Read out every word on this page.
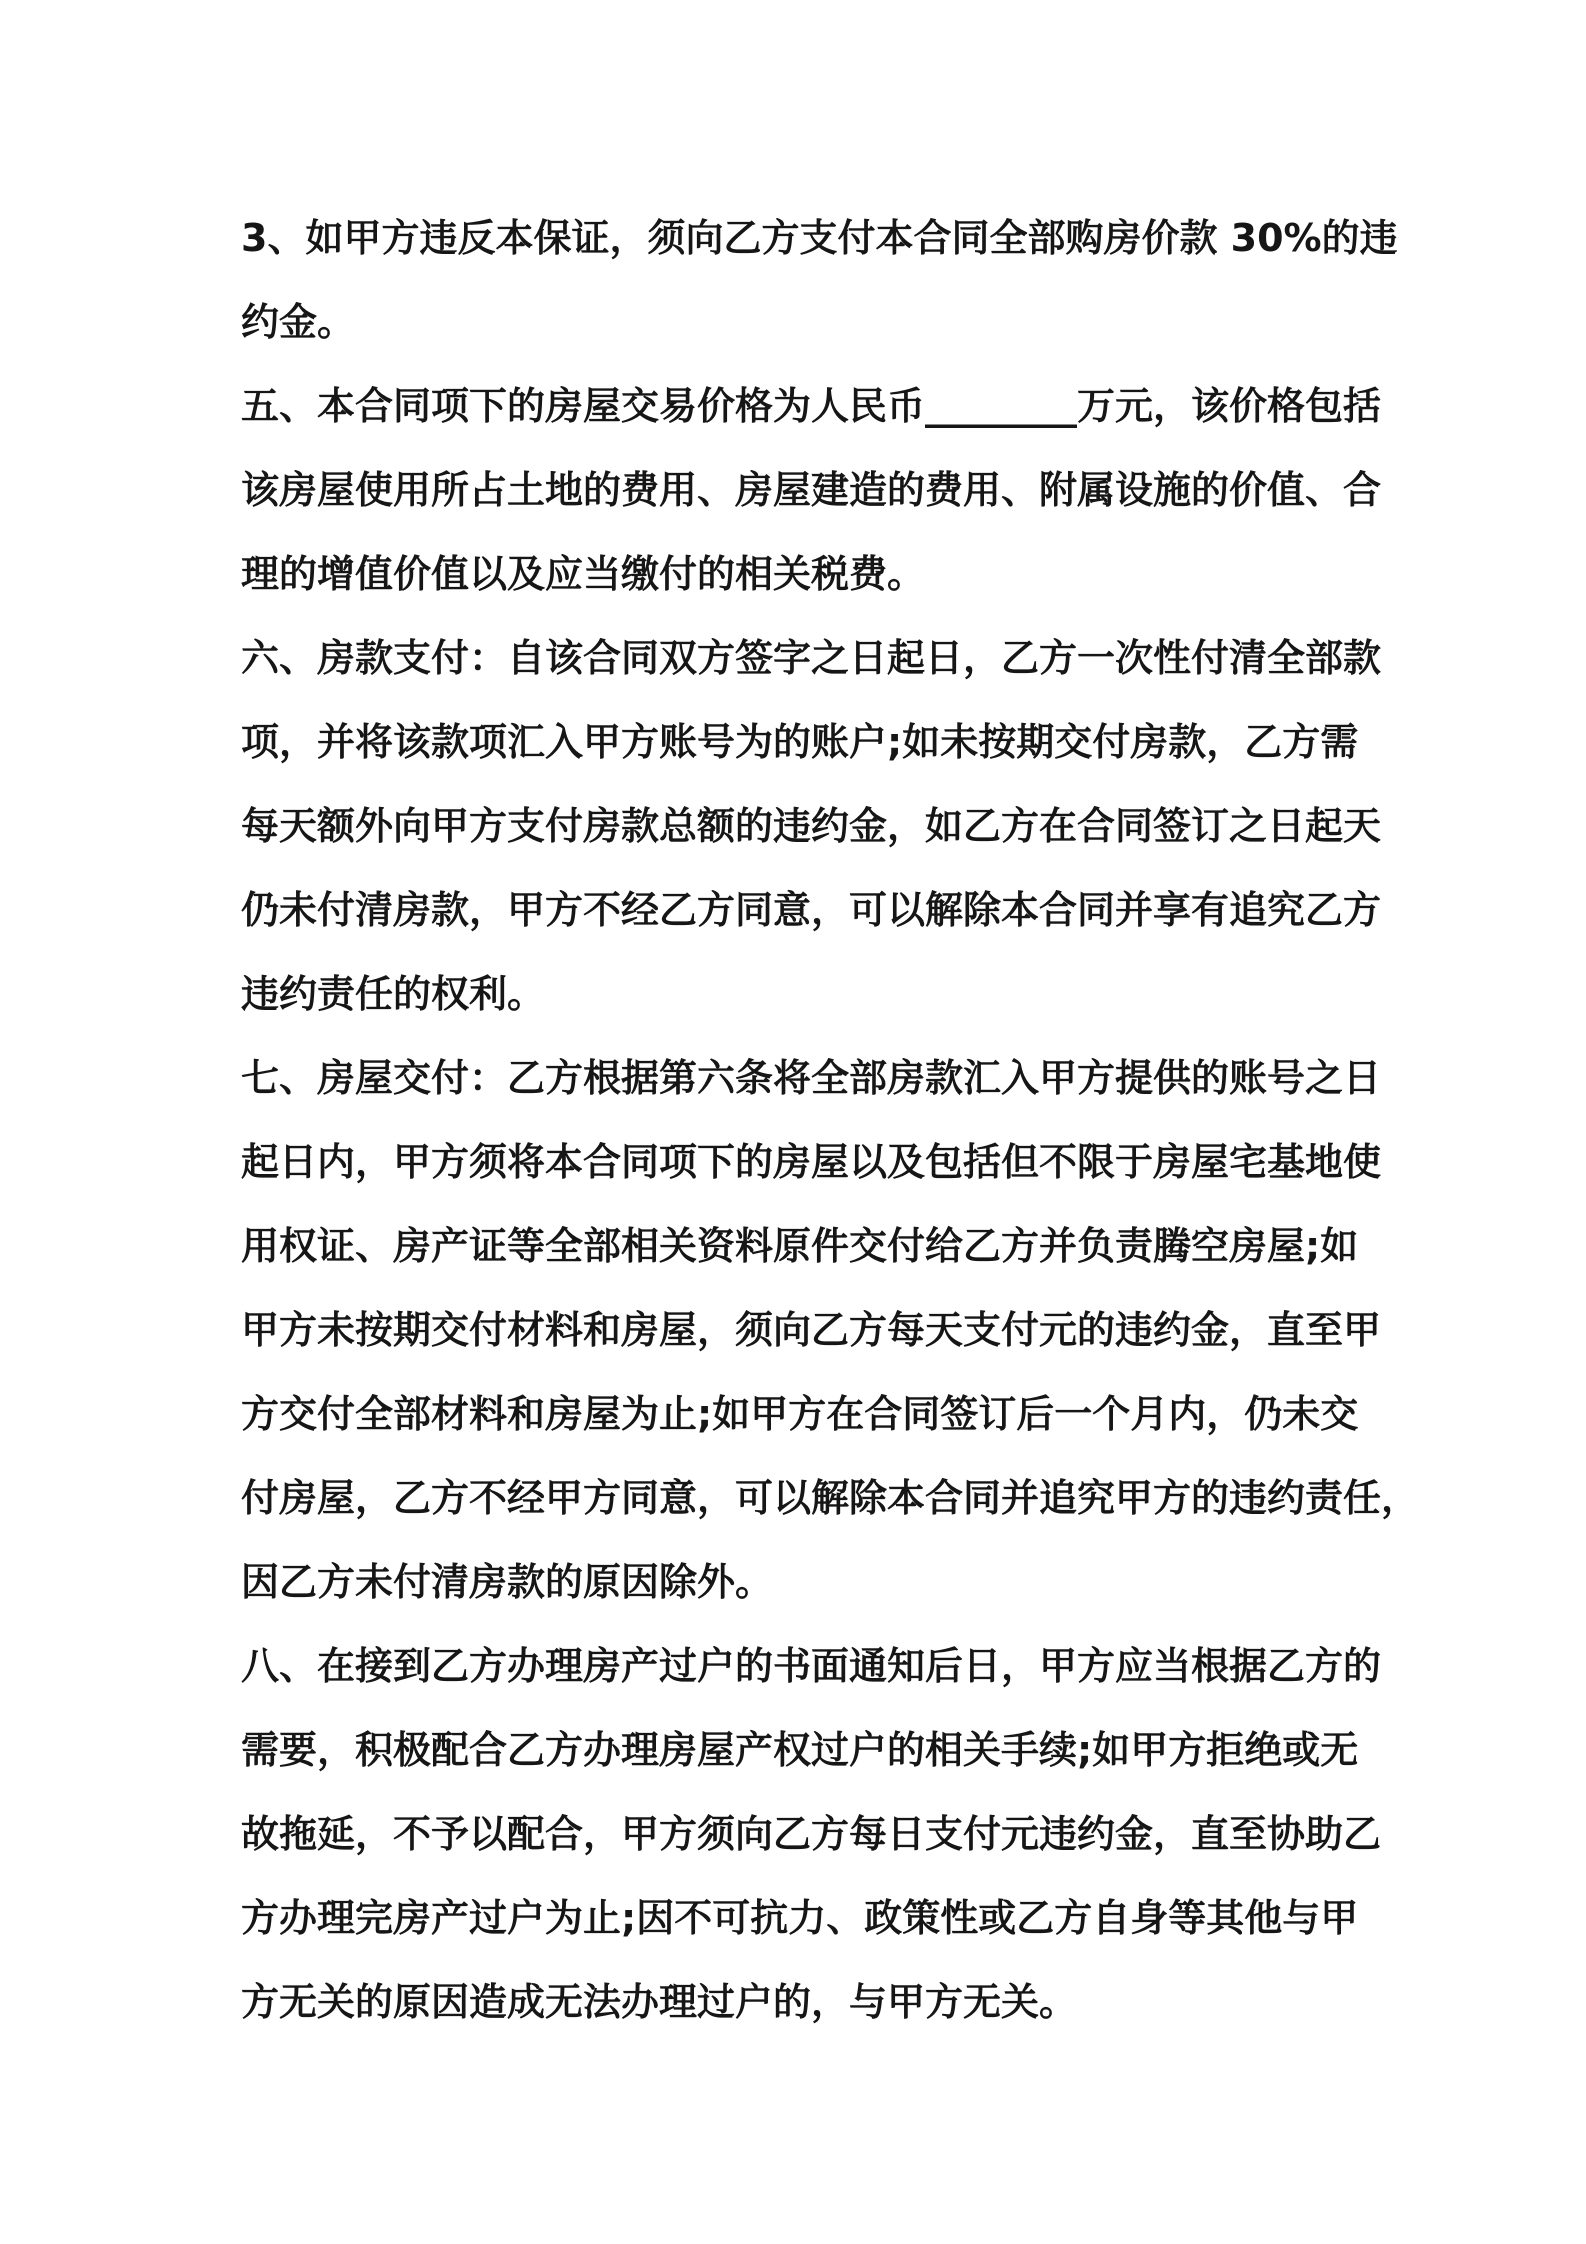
3、如甲方违反本保证，须向乙方支付本合同全部购房价款 30%的违
约金。
五、本合同项下的房屋交易价格为人民币________万元，该价格包括
该房屋使用所占土地的费用、房屋建造的费用、附属设施的价值、合
理的增值价值以及应当缴付的相关税费。
六、房款支付：自该合同双方签字之日起日，乙方一次性付清全部款
项，并将该款项汇入甲方账号为的账户;如未按期交付房款，乙方需
每天额外向甲方支付房款总额的违约金，如乙方在合同签订之日起天
仍未付清房款，甲方不经乙方同意，可以解除本合同并享有追究乙方
违约责任的权利。
七、房屋交付：乙方根据第六条将全部房款汇入甲方提供的账号之日
起日内，甲方须将本合同项下的房屋以及包括但不限于房屋宅基地使
用权证、房产证等全部相关资料原件交付给乙方并负责腾空房屋;如
甲方未按期交付材料和房屋，须向乙方每天支付元的违约金，直至甲
方交付全部材料和房屋为止;如甲方在合同签订后一个月内，仍未交
付房屋，乙方不经甲方同意，可以解除本合同并追究甲方的违约责任，
因乙方未付清房款的原因除外。
八、在接到乙方办理房产过户的书面通知后日，甲方应当根据乙方的
需要，积极配合乙方办理房屋产权过户的相关手续;如甲方拒绝或无
故拖延，不予以配合，甲方须向乙方每日支付元违约金，直至协助乙
方办理完房产过户为止;因不可抗力、政策性或乙方自身等其他与甲
方无关的原因造成无法办理过户的，与甲方无关。
